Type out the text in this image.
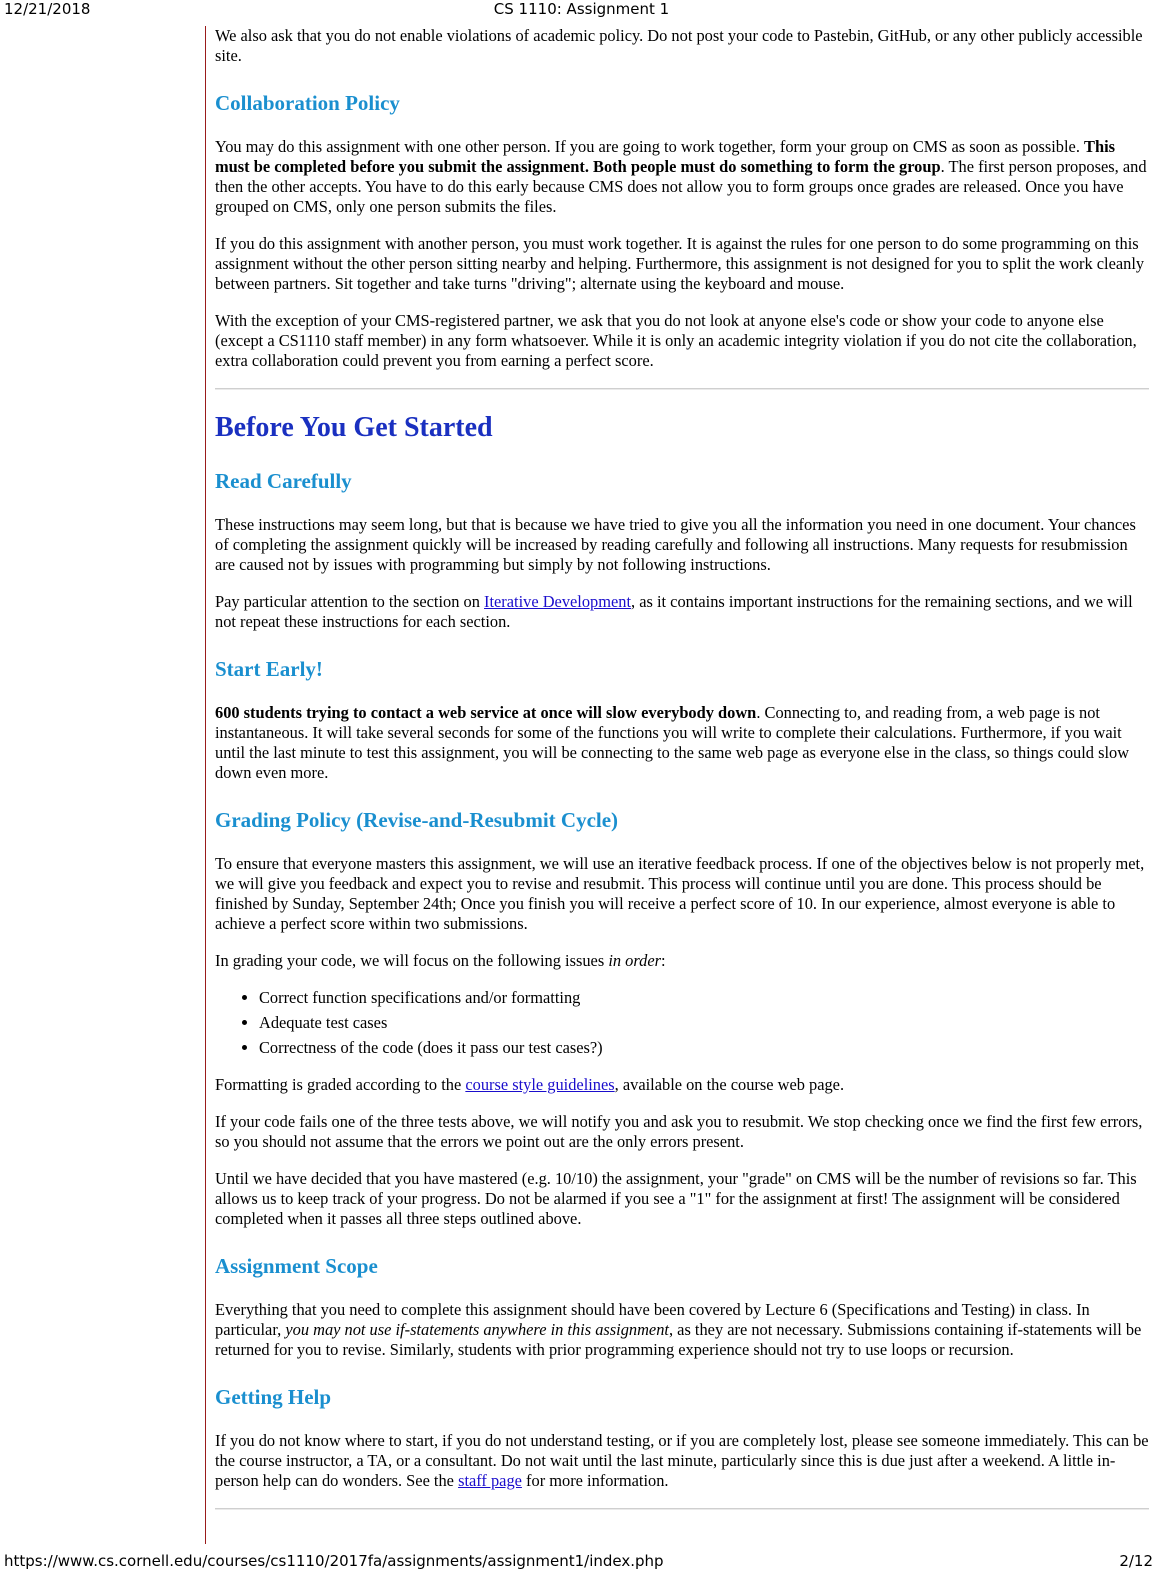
12/21/2018	CS 1110: Assignment 1

We also ask that you do not enable violations of academic policy. Do not post your code to Pastebin, GitHub, or any other publicly accessible site.

Collaboration Policy

You may do this assignment with one other person. If you are going to work together, form your group on CMS as soon as possible. This must be completed before you submit the assignment. Both people must do something to form the group. The first person proposes, and then the other accepts. You have to do this early because CMS does not allow you to form groups once grades are released. Once you have grouped on CMS, only one person submits the files.

If you do this assignment with another person, you must work together. It is against the rules for one person to do some programming on this assignment without the other person sitting nearby and helping. Furthermore, this assignment is not designed for you to split the work cleanly between partners. Sit together and take turns "driving"; alternate using the keyboard and mouse.

With the exception of your CMS-registered partner, we ask that you do not look at anyone else's code or show your code to anyone else (except a CS1110 staff member) in any form whatsoever. While it is only an academic integrity violation if you do not cite the collaboration, extra collaboration could prevent you from earning a perfect score.

Before You Get Started
Read Carefully

These instructions may seem long, but that is because we have tried to give you all the information you need in one document. Your chances of completing the assignment quickly will be increased by reading carefully and following all instructions. Many requests for resubmission are caused not by issues with programming but simply by not following instructions.

Pay particular attention to the section on Iterative Development, as it contains important instructions for the remaining sections, and we will not repeat these instructions for each section.

Start Early!

600 students trying to contact a web service at once will slow everybody down. Connecting to, and reading from, a web page is not instantaneous. It will take several seconds for some of the functions you will write to complete their calculations. Furthermore, if you wait until the last minute to test this assignment, you will be connecting to the same web page as everyone else in the class, so things could slow down even more.

Grading Policy (Revise-and-Resubmit Cycle)

To ensure that everyone masters this assignment, we will use an iterative feedback process. If one of the objectives below is not properly met, we will give you feedback and expect you to revise and resubmit. This process will continue until you are done. This process should be finished by Sunday, September 24th; Once you finish you will receive a perfect score of 10. In our experience, almost everyone is able to achieve a perfect score within two submissions.

In grading your code, we will focus on the following issues in order:

• Correct function specifications and/or formatting
• Adequate test cases
• Correctness of the code (does it pass our test cases?)

Formatting is graded according to the course style guidelines, available on the course web page.

If your code fails one of the three tests above, we will notify you and ask you to resubmit. We stop checking once we find the first few errors, so you should not assume that the errors we point out are the only errors present.

Until we have decided that you have mastered (e.g. 10/10) the assignment, your "grade" on CMS will be the number of revisions so far. This allows us to keep track of your progress. Do not be alarmed if you see a "1" for the assignment at first! The assignment will be considered completed when it passes all three steps outlined above.

Assignment Scope

Everything that you need to complete this assignment should have been covered by Lecture 6 (Specifications and Testing) in class. In particular, you may not use if-statements anywhere in this assignment, as they are not necessary. Submissions containing if-statements will be returned for you to revise. Similarly, students with prior programming experience should not try to use loops or recursion.

Getting Help

If you do not know where to start, if you do not understand testing, or if you are completely lost, please see someone immediately. This can be the course instructor, a TA, or a consultant. Do not wait until the last minute, particularly since this is due just after a weekend. A little in-person help can do wonders. See the staff page for more information.

https://www.cs.cornell.edu/courses/cs1110/2017fa/assignments/assignment1/index.php	2/12
